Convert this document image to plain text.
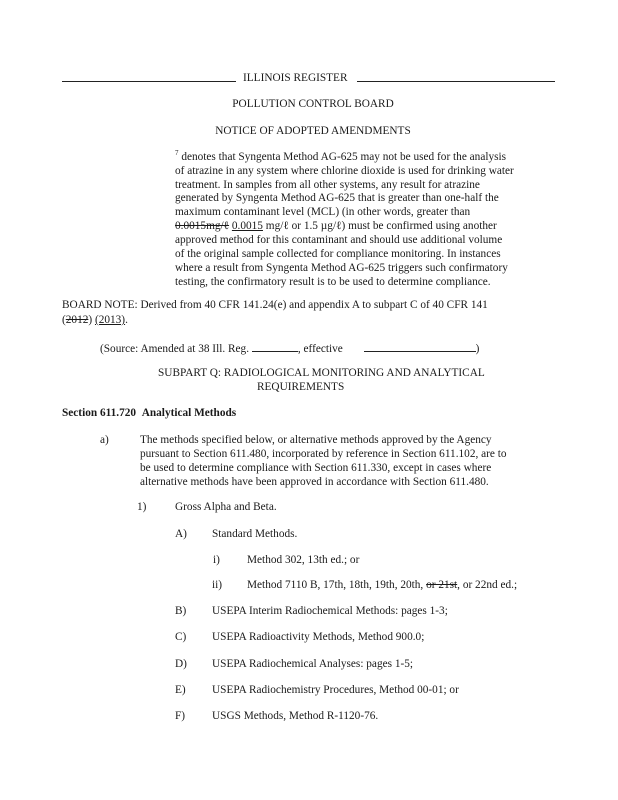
ILLINOIS REGISTER
POLLUTION CONTROL BOARD
NOTICE OF ADOPTED AMENDMENTS

$^7$ denotes that Syngenta Method AG-625 may not be used for the analysis

of atrazine in any system where chlorine dioxide is used for drinking water

treatment. In samples from all other systems, any result for atrazine

generated by Syngenta Method AG-625 that is greater than one-half the

maximum contaminant level (MCL) (in other words, greater than

0.0015mg/ℓ 0.0015 mg/ℓ or 1.5 µg/ℓ) must be confirmed using another

approved method for this contaminant and should use additional volume

of the original sample collected for compliance monitoring. In instances

where a result from Syngenta Method AG-625 triggers such confirmatory

testing, the confirmatory result is to be used to determine compliance.

BOARD NOTE: Derived from 40 CFR 141.24(e) and appendix A to subpart C of 40 CFR 141
(2012) (2013).
(Source: Amended at 38 Ill. Reg.	, effective	)
SUBPART Q: RADIOLOGICAL MONITORING AND ANALYTICAL
REQUIREMENTS
Section 611.720 Analytical Methods
a)	The methods specified below, or alternative methods approved by the Agency
pursuant to Section 611.480, incorporated by reference in Section 611.102, are to
be used to determine compliance with Section 611.330, except in cases where
alternative methods have been approved in accordance with Section 611.480.
1)	Gross Alpha and Beta.
A) Standard Methods.
i) Method 302, 13th ed.; or
ii) Method 7110 B, 17th, 18th, 19th, 20th, or 21st, or 22nd ed.;
B) USEPA Interim Radiochemical Methods: pages 1-3;
C) USEPA Radioactivity Methods, Method 900.0;
D) USEPA Radiochemical Analyses: pages 1-5;
E) USEPA Radiochemistry Procedures, Method 00-01; or
F) USGS Methods, Method R-1120-76.
